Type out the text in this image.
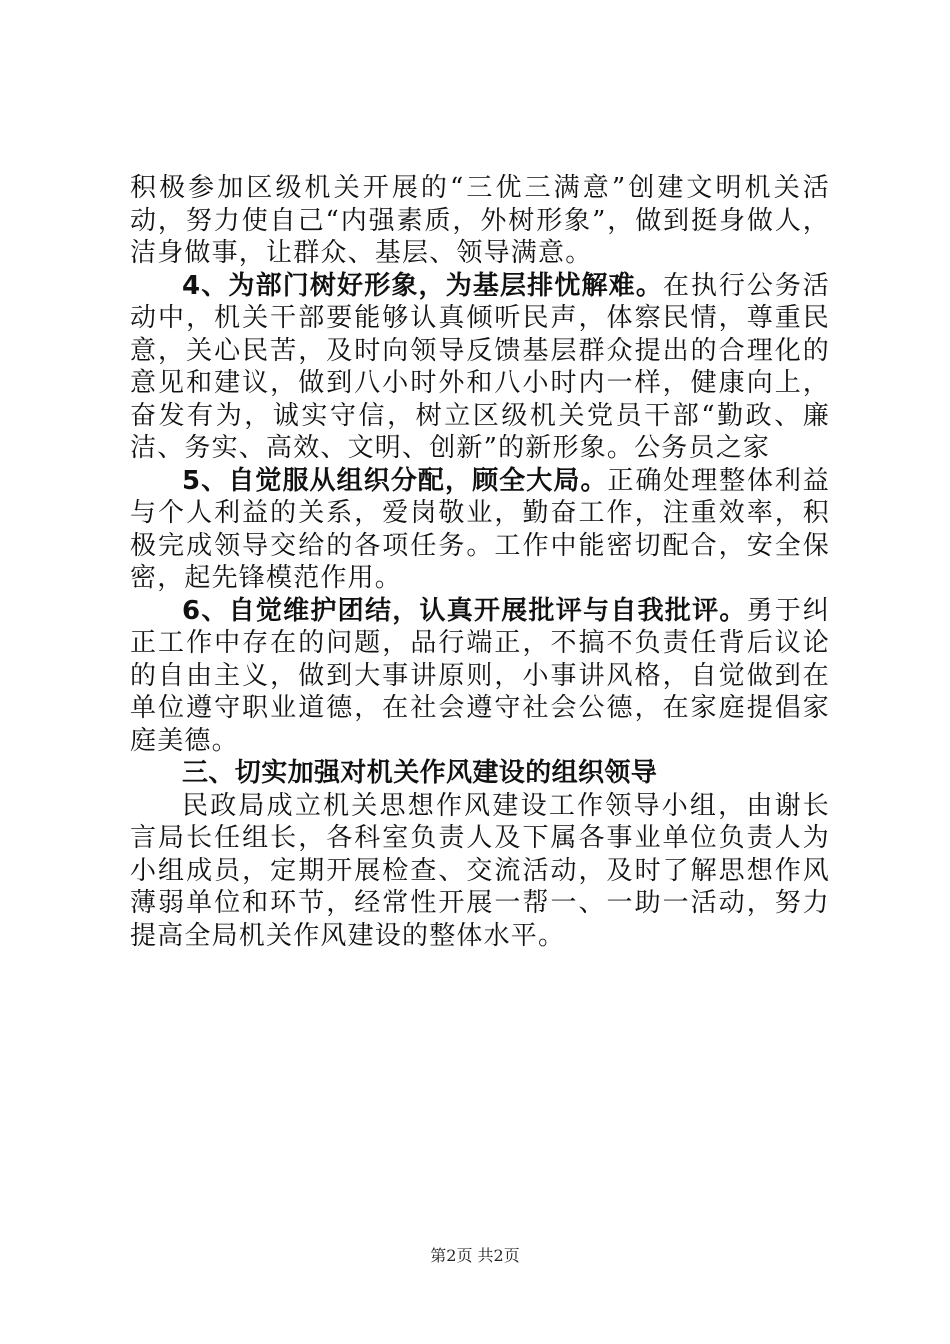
积极参加区级机关开展的“三优三满意”创建文明机关活动，努力使自己“内强素质，外树形象”，做到挺身做人，洁身做事，让群众、基层、领导满意。

4、为部门树好形象，为基层排忧解难。在执行公务活动中，机关干部要能够认真倾听民声，体察民情，尊重民意，关心民苦，及时向领导反馈基层群众提出的合理化的意见和建议，做到八小时外和八小时内一样，健康向上，奋发有为，诚实守信，树立区级机关党员干部“勤政、廉洁、务实、高效、文明、创新”的新形象。公务员之家

5、自觉服从组织分配，顾全大局。正确处理整体利益与个人利益的关系，爱岗敬业，勤奋工作，注重效率，积极完成领导交给的各项任务。工作中能密切配合，安全保密，起先锋模范作用。

6、自觉维护团结，认真开展批评与自我批评。勇于纠正工作中存在的问题，品行端正，不搞不负责任背后议论的自由主义，做到大事讲原则，小事讲风格，自觉做到在单位遵守职业道德，在社会遵守社会公德，在家庭提倡家庭美德。

三、切实加强对机关作风建设的组织领导

民政局成立机关思想作风建设工作领导小组，由谢长言局长任组长，各科室负责人及下属各事业单位负责人为小组成员，定期开展检查、交流活动，及时了解思想作风薄弱单位和环节，经常性开展一帮一、一助一活动，努力提高全局机关作风建设的整体水平。

第2页 共2页
